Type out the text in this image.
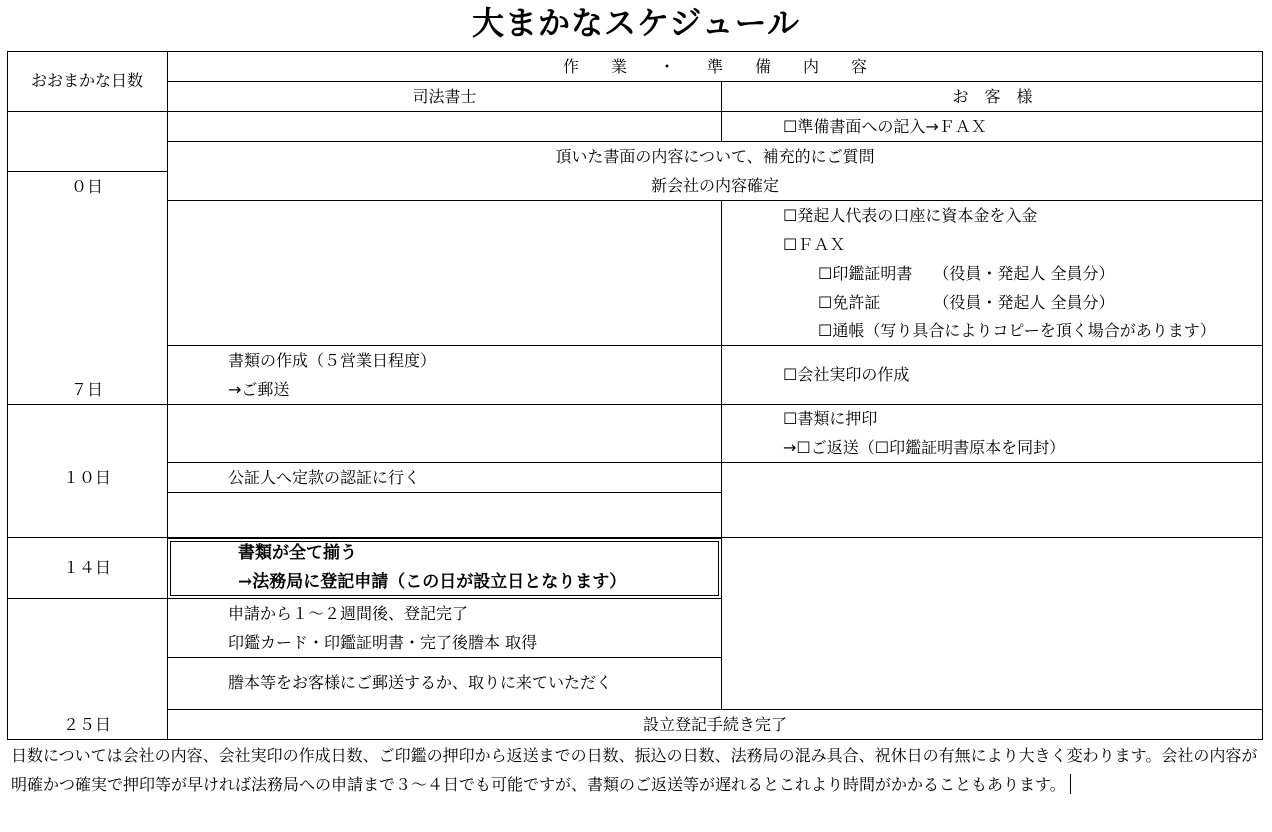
大まかなスケジュール
おおまかな日数
作　　業　　・　　準　　備　　内　　容
司法書士	お　客　様
０日
７日
１０日
１４日
２５日
☐準備書面への記入→ＦＡＸ
頂いた書面の内容について、補充的にご質問
新会社の内容確定
☐発起人代表の口座に資本金を入金
☐ＦＡＸ
☐印鑑証明書　 （役員・発起人 全員分）
☐免許証　　　 （役員・発起人 全員分）
☐通帳（写り具合によりコピーを頂く場合があります）
書類の作成（５営業日程度）
→ご郵送
☐会社実印の作成
☐書類に押印
→☐ご返送（☐印鑑証明書原本を同封）
公証人へ定款の認証に行く
書類が全て揃う
→法務局に登記申請（この日が設立日となります）
申請から１～２週間後、登記完了
印鑑カード・印鑑証明書・完了後謄本 取得
謄本等をお客様にご郵送するか、取りに来ていただく
設立登記手続き完了
日数については会社の内容、会社実印の作成日数、ご印鑑の押印から返送までの日数、振込の日数、法務局の混み具合、祝休日の有無により大きく変わります。会社の内容が明確かつ確実で押印等が早ければ法務局への申請まで３～４日でも可能ですが、書類のご返送等が遅れるとこれより時間がかかることもあります。
